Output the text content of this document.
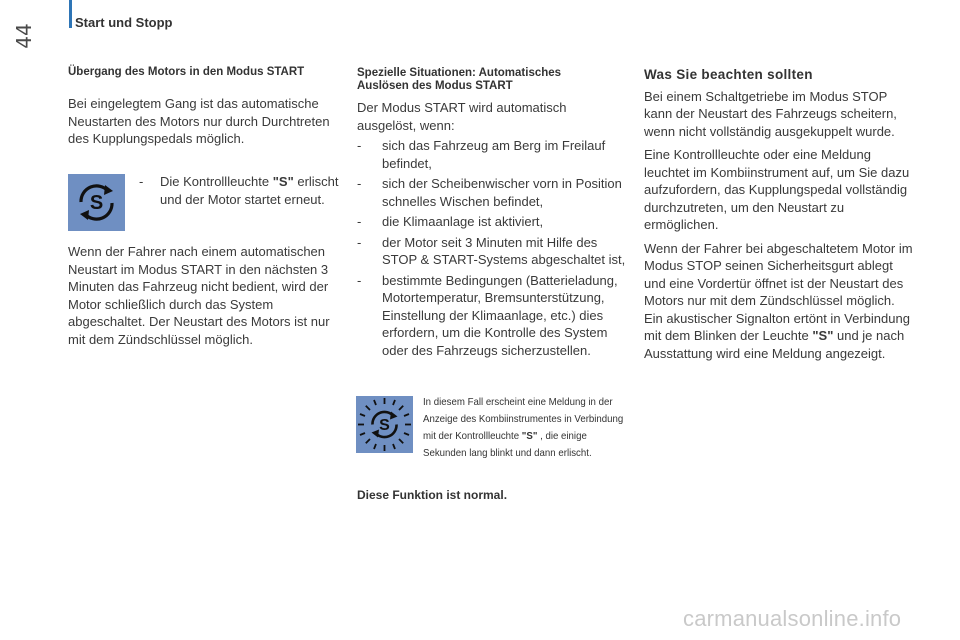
44
Start und Stopp

Übergang des Motors in den Modus START

Bei eingelegtem Gang ist das automatische Neustarten des Motors nur durch Durchtreten des Kupplungspedals möglich.

S

- Die Kontrollleuchte "S" erlischt und der Motor startet erneut.

Wenn der Fahrer nach einem automatischen Neustart im Modus START in den nächsten 3 Minuten das Fahrzeug nicht bedient, wird der Motor schließlich durch das System abgeschaltet. Der Neustart des Motors ist nur mit dem Zündschlüssel möglich.

Spezielle Situationen: Automatisches

Auslösen des Modus START

Der Modus START wird automatisch ausgelöst, wenn:

- sich das Fahrzeug am Berg im Freilauf befindet,

- sich der Scheibenwischer vorn in Position schnelles Wischen befindet,

- die Klimaanlage ist aktiviert,

- der Motor seit 3 Minuten mit Hilfe des STOP & START-Systems abgeschaltet ist,

- bestimmte Bedingungen (Batterieladung, Motortemperatur, Bremsunterstützung, Einstellung der Klimaanlage, etc.) dies erfordern, um die Kontrolle des System oder des Fahrzeugs sicherzustellen.

S
In diesem Fall erscheint eine Meldung in der Anzeige des Kombiinstrumentes in Verbindung mit der Kontrollleuchte "S" , die einige Sekunden lang blinkt und dann erlischt.

Diese Funktion ist normal.

Was Sie beachten sollten

Bei einem Schaltgetriebe im Modus STOP kann der Neustart des Fahrzeugs scheitern, wenn nicht vollständig ausgekuppelt wurde.

Eine Kontrollleuchte oder eine Meldung leuchtet im Kombiinstrument auf, um Sie dazu aufzufordern, das Kupplungspedal vollständig durchzutreten, um den Neustart zu ermöglichen.

Wenn der Fahrer bei abgeschaltetem Motor im Modus STOP seinen Sicherheitsgurt ablegt und eine Vordertür öffnet ist der Neustart des Motors nur mit dem Zündschlüssel möglich. Ein akustischer Signalton ertönt in Verbindung mit dem Blinken der Leuchte "S" und je nach Ausstattung wird eine Meldung angezeigt.

carmanualsonline.info
